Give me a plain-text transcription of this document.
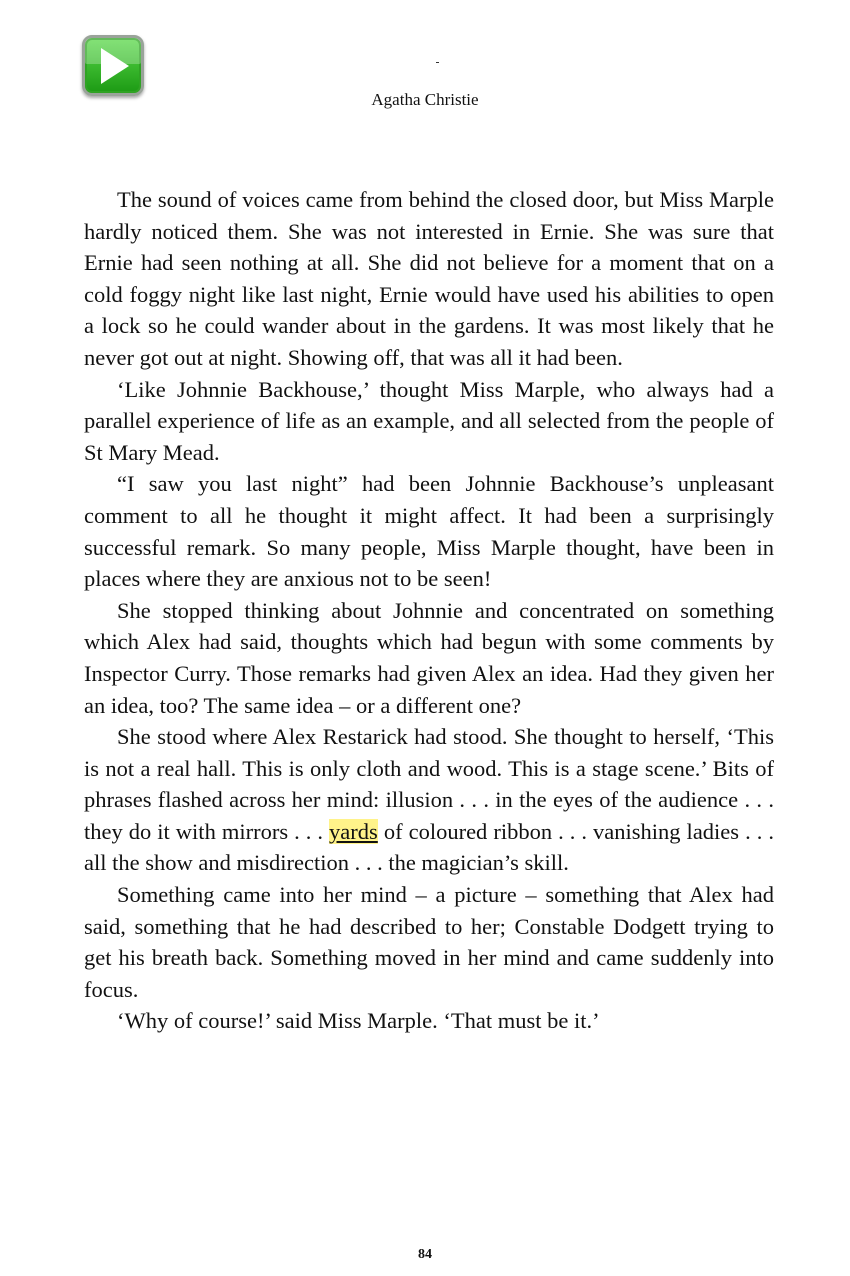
Agatha Christie

The sound of voices came from behind the closed door, but Miss Marple hardly noticed them. She was not interested in Ernie. She was sure that Ernie had seen nothing at all. She did not believe for a moment that on a cold foggy night like last night, Ernie would have used his abilities to open a lock so he could wander about in the gardens. It was most likely that he never got out at night. Showing off, that was all it had been.

‘Like Johnnie Backhouse,’ thought Miss Marple, who always had a parallel experience of life as an example, and all selected from the people of St Mary Mead.

“I saw you last night” had been Johnnie Backhouse’s unpleasant comment to all he thought it might affect. It had been a surprisingly successful remark. So many people, Miss Marple thought, have been in places where they are anxious not to be seen!

She stopped thinking about Johnnie and concentrated on something which Alex had said, thoughts which had begun with some comments by Inspector Curry. Those remarks had given Alex an idea. Had they given her an idea, too? The same idea – or a different one?

She stood where Alex Restarick had stood. She thought to herself, ‘This is not a real hall. This is only cloth and wood. This is a stage scene.’ Bits of phrases flashed across her mind: illusion . . . in the eyes of the audience . . . they do it with mirrors . . . yards of coloured ribbon . . . vanishing ladies . . . all the show and misdirection . . . the magician’s skill.

Something came into her mind – a picture – something that Alex had said, something that he had described to her; Constable Dodgett trying to get his breath back. Something moved in her mind and came suddenly into focus.

‘Why of course!’ said Miss Marple. ‘That must be it.’

84
